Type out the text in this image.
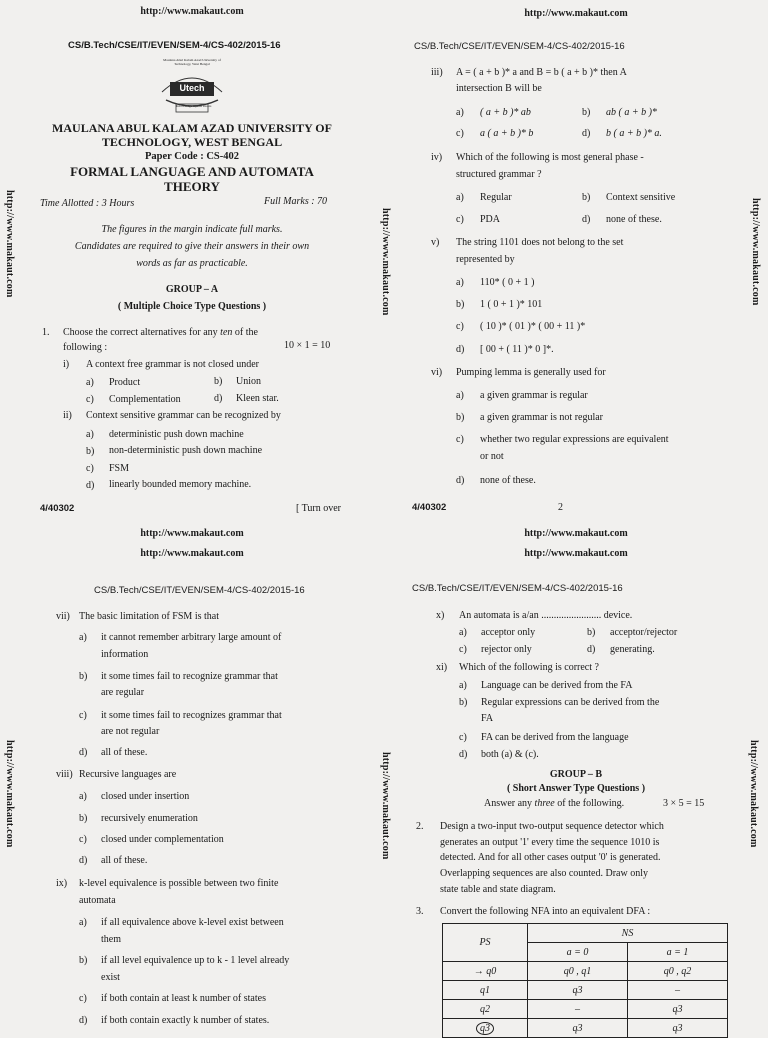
http://www.makaut.com
CS/B.Tech/CSE/IT/EVEN/SEM-4/CS-402/2015-16
Maulana Abul Kalam Azad University of Technology, West Bengal
Utech
Knowledge Opens Doors
MAULANA ABUL KALAM AZAD UNIVERSITY OF
TECHNOLOGY, WEST BENGAL
Paper Code : CS-402
FORMAL LANGUAGE AND AUTOMATA
THEORY
Time Allotted : 3 Hours	Full Marks : 70
The figures in the margin indicate full marks.
Candidates are required to give their answers in their own
words as far as practicable.
GROUP – A
( Multiple Choice Type Questions )
1. Choose the correct alternatives for any ten of the
following :	10 × 1 = 10
i) A context free grammar is not closed under
a) Product	b) Union
c) Complementation	d) Kleen star.
ii) Context sensitive grammar can be recognized by
a) deterministic push down machine
b) non-deterministic push down machine
c) FSM
d) linearly bounded memory machine.
4/40302	[ Turn over
http://www.makaut.com	http://www.makaut.com
http://www.makaut.com
CS/B.Tech/CSE/IT/EVEN/SEM-4/CS-402/2015-16
iii) A = ( a + b )* a and B = b ( a + b )* then A
intersection B will be
a) ( a + b )* ab	b) ab ( a + b )*
c) a ( a + b )* b	d) b ( a + b )* a.
iv) Which of the following is most general phase -
structured grammar ?
a) Regular	b) Context sensitive
c) PDA	d) none of these.
v) The string 1101 does not belong to the set
represented by
a) 110* ( 0 + 1 )
b) 1 ( 0 + 1 )* 101
c) ( 10 )* ( 01 )* ( 00 + 11 )*
d) [ 00 + ( 11 )* 0 ]*.
vi) Pumping lemma is generally used for
a) a given grammar is regular
b) a given grammar is not regular
c) whether two regular expressions are equivalent
or not
d) none of these.
4/40302	2
http://www.makaut.com
http://www.makaut.com
http://www.makaut.com
CS/B.Tech/CSE/IT/EVEN/SEM-4/CS-402/2015-16
vii) The basic limitation of FSM is that
a) it cannot remember arbitrary large amount of
information
b) it some times fail to recognize grammar that
are regular
c) it some times fail to recognizes grammar that
are not regular
d) all of these.
viii) Recursive languages are
a) closed under insertion
b) recursively enumeration
c) closed under complementation
d) all of these.
ix) k-level equivalence is possible between two finite
automata
a) if all equivalence above k-level exist between
them
b) if all level equivalence up to k - 1 level already
exist
c) if both contain at least k number of states
d) if both contain exactly k number of states.
http://www.makaut.com	http://www.makaut.com
http://www.makaut.com
http://www.makaut.com
CS/B.Tech/CSE/IT/EVEN/SEM-4/CS-402/2015-16
x) An automata is a/an ........................ device.
a) acceptor only	b) acceptor/rejector
c) rejector only	d) generating.
xi) Which of the following is correct ?
a) Language can be derived from the FA
b) Regular expressions can be derived from the
FA
c) FA can be derived from the language
d) both (a) & (c).
GROUP – B
( Short Answer Type Questions )
Answer any three of the following.	3 × 5 = 15
2. Design a two-input two-output sequence detector which
generates an output '1' every time the sequence 1010 is
detected. And for all other cases output '0' is generated.
Overlapping sequences are also counted. Draw only
state table and state diagram.
3. Convert the following NFA into an equivalent DFA :
PS	NS	
	a = 0	a = 1
→ q0	q0 , q1	q0 , q2
q1	q3	–
q2	–	q3
q3	q3	q3
http://www.makaut.com
